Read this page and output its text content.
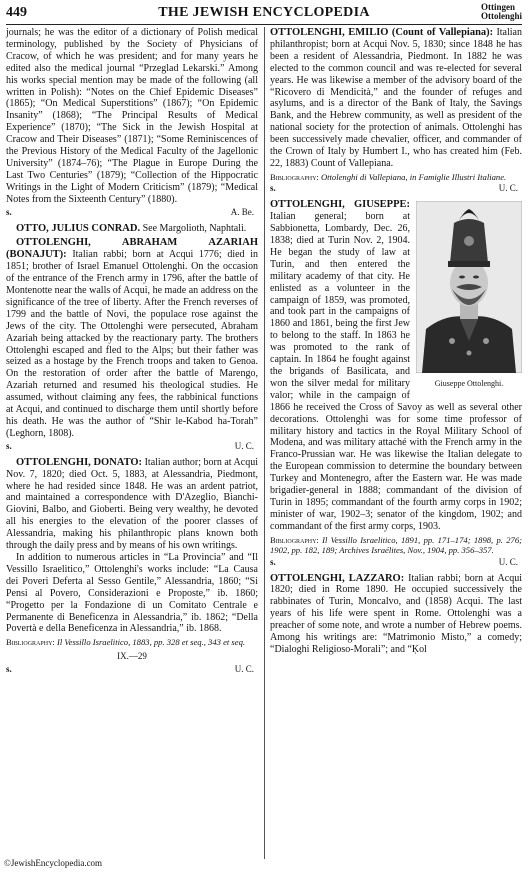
449	THE JEWISH ENCYCLOPEDIA	Ottingen
Ottolenghi

journals; he was the editor of a dictionary of Polish medical terminology, published by the Society of Physicians of Cracow, of which he was president; and for many years he edited also the medical journal “Przeglad Lekarski.” Among his works special mention may be made of the following (all written in Polish): “Notes on the Chief Epidemic Diseases” (1865); “On Medical Superstitions” (1867); “On Epidemic Insanity” (1868); “The Principal Results of Medical Experience” (1870); “The Sick in the Jewish Hospital at Cracow and Their Diseases” (1871); “Some Reminiscences of the Previous History of the Medical Faculty of the Jagellonic University” (1874–76); “The Plague in Europe During the Last Two Centuries” (1879); “Collection of the Hippocratic Writings in the Light of Modern Criticism” (1879); “Medical Notes from the Sixteenth Century” (1880).

s.	A. Be.

OTTO, JULIUS CONRAD. See Margolioth, Naphtali.

OTTOLENGHI, ABRAHAM AZARIAH (BONAJUT): Italian rabbi; born at Acqui 1776; died in 1851; brother of Israel Emanuel Ottolenghi. On the occasion of the entrance of the French army in 1796, after the battle of Montenotte near the walls of Acqui, he made an address on the significance of the tree of liberty. After the French reverses of 1799 and the battle of Novi, the populace rose against the Jews of the city. The Ottolenghi were persecuted, Abraham Azariah being attacked by the reactionary party. The brothers Ottolenghi escaped and fled to the Alps; but their father was seized as a hostage by the French troops and taken to Genoa. On the restoration of order after the battle of Marengo, Azariah returned and resumed his theological studies. He assumed, without claiming any fees, the rabbinical functions at Acqui, and continued to discharge them until shortly before his death. He was the author of “Shir le-Kabod ha-Torah” (Leghorn, 1808).

s.	U. C.

OTTOLENGHI, DONATO: Italian author; born at Acqui Nov. 7, 1820; died Oct. 5, 1883, at Alessandria, Piedmont, where he had resided since 1848. He was an ardent patriot, and maintained a correspondence with D'Azeglio, Bianchi-Giovini, Balbo, and Gioberti. Being very wealthy, he devoted all his energies to the elevation of the poorer classes of Alessandria, making his philanthropic plans known both through the daily press and by means of his own writings.

In addition to numerous articles in “La Provincia” and “Il Vessillo Israelitico,” Ottolenghi's works include: “La Causa dei Poveri Deferta al Sesso Gentile,” Alessandria, 1860; “Si Pensi al Povero, Considerazioni e Proposte,” ib. 1860; “Progetto per la Fondazione di un Comitato Centrale e Permanente di Beneficenza in Alessandria,” ib. 1862; “Della Povertà e della Beneficenza in Alessandria,” ib. 1868.

Bibliography: Il Vessillo Israelitico, 1883, pp. 328 et seq., 343 et seq.

IX.—29
s.	U. C.

OTTOLENGHI, EMILIO (Count of Vallepiana): Italian philanthropist; born at Acqui Nov. 5, 1830; since 1848 he has been a resident of Alessandria, Piedmont. In 1882 he was elected to the common council and was re-elected for several years. He was likewise a member of the advisory board of the “Ricovero di Mendicità,” and the founder of refuges and asylums, and is a director of the Bank of Italy, the Savings Bank, and the Hebrew community, as well as president of the national society for the protection of animals. Ottolenghi has been successively made chevalier, officer, and commander of the Crown of Italy by Humbert I., who has created him (Feb. 22, 1883) Count of Vallepiana.

Bibliography: Ottolenghi di Vallepiana, in Famiglie Illustri Italiane.

s.	U. C.
Giuseppe Ottolenghi.

OTTOLENGHI, GIUSEPPE: Italian general; born at Sabbionetta, Lombardy, Dec. 26, 1838; died at Turin Nov. 2, 1904. He began the study of law at Turin, and then entered the military academy of that city. He enlisted as a volunteer in the campaign of 1859, was promoted, and took part in the campaigns of 1860 and 1861, being the first Jew to belong to the staff. In 1863 he was promoted to the rank of captain. In 1864 he fought against the brigands of Basilicata, and won the silver medal for military valor; while in the campaign of 1866 he received the Cross of Savoy as well as several other decorations. Ottolenghi was for some time professor of military history and tactics in the Royal Military School of Modena, and was military attaché with the French army in the Franco-Prussian war. He was likewise the Italian delegate to the European commission to determine the boundary between Turkey and Montenegro, after the Eastern war. He was made brigadier-general in 1888; commandant of the division of Turin in 1895; commandant of the fourth army corps in 1902; minister of war, 1902–3; senator of the kingdom, 1902; and commandant of the first army corps, 1903.

Bibliography: Il Vessillo Israelitico, 1891, pp. 171–174; 1898, p. 276; 1902, pp. 182, 189; Archives Israélites, Nov., 1904, pp. 356–357.

s.	U. C.

OTTOLENGHI, LAZZARO: Italian rabbi; born at Acqui 1820; died in Rome 1890. He occupied successively the rabbinates of Turin, Moncalvo, and (1858) Acqui. The last years of his life were spent in Rome. Ottolenghi was a preacher of some note, and wrote a number of Hebrew poems. Among his writings are: “Matrimonio Misto,” a comedy; “Dialoghi Religioso-Morali”; and “Ḳol

©JewishEncyclopedia.com
